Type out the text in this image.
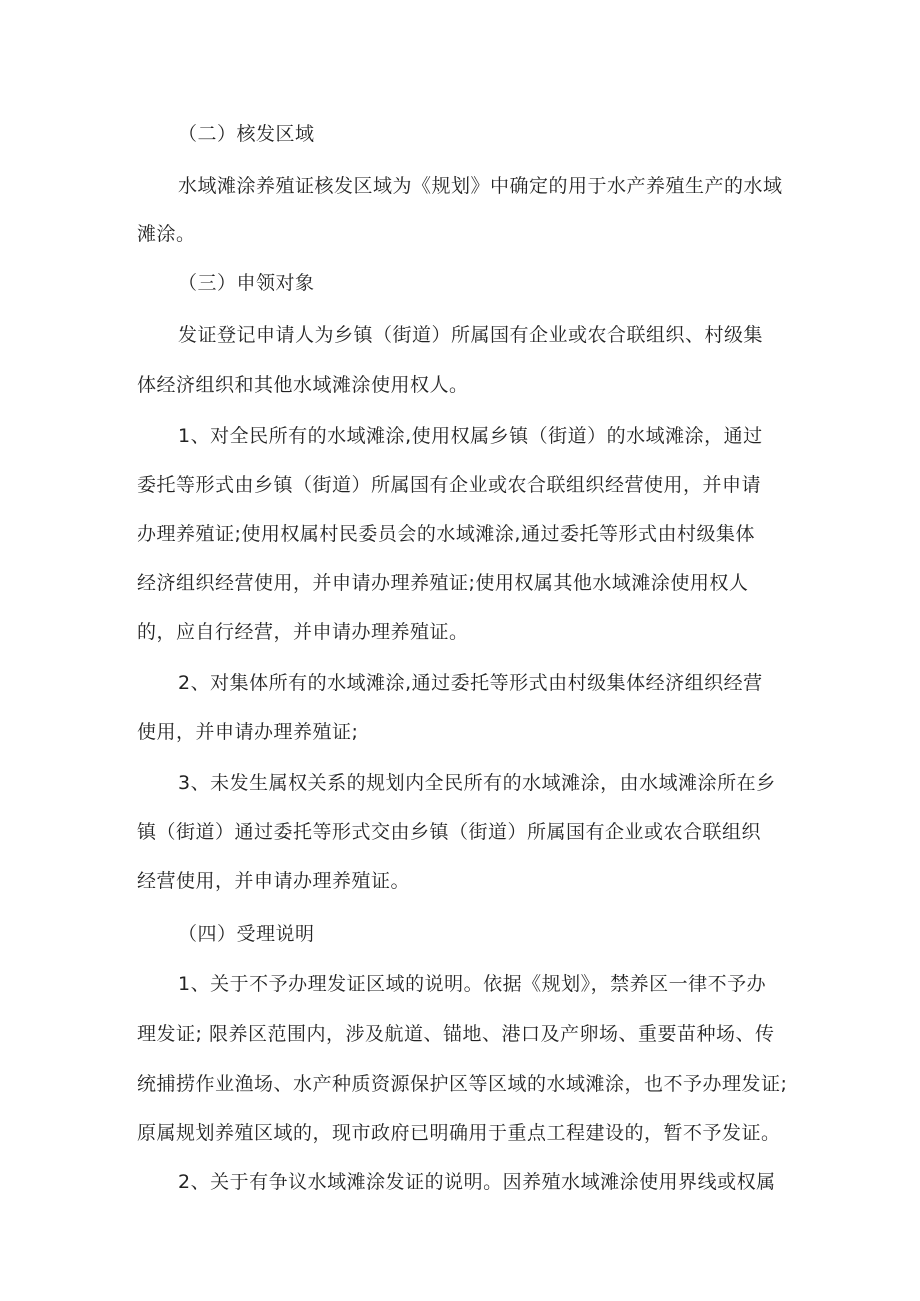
（二）核发区域
水域滩涂养殖证核发区域为《规划》中确定的用于水产养殖生产的水域
滩涂。
（三）申领对象
发证登记申请人为乡镇（街道）所属国有企业或农合联组织、村级集
体经济组织和其他水域滩涂使用权人。
1、对全民所有的水域滩涂,使用权属乡镇（街道）的水域滩涂，通过
委托等形式由乡镇（街道）所属国有企业或农合联组织经营使用，并申请
办理养殖证;使用权属村民委员会的水域滩涂,通过委托等形式由村级集体
经济组织经营使用，并申请办理养殖证;使用权属其他水域滩涂使用权人
的，应自行经营，并申请办理养殖证。
2、对集体所有的水域滩涂,通过委托等形式由村级集体经济组织经营
使用，并申请办理养殖证;
3、未发生属权关系的规划内全民所有的水域滩涂，由水域滩涂所在乡
镇（街道）通过委托等形式交由乡镇（街道）所属国有企业或农合联组织
经营使用，并申请办理养殖证。
（四）受理说明
1、关于不予办理发证区域的说明。依据《规划》，禁养区一律不予办
理发证; 限养区范围内，涉及航道、锚地、港口及产卵场、重要苗种场、传
统捕捞作业渔场、水产种质资源保护区等区域的水域滩涂，也不予办理发证;
原属规划养殖区域的，现市政府已明确用于重点工程建设的，暂不予发证。
2、关于有争议水域滩涂发证的说明。因养殖水域滩涂使用界线或权属
